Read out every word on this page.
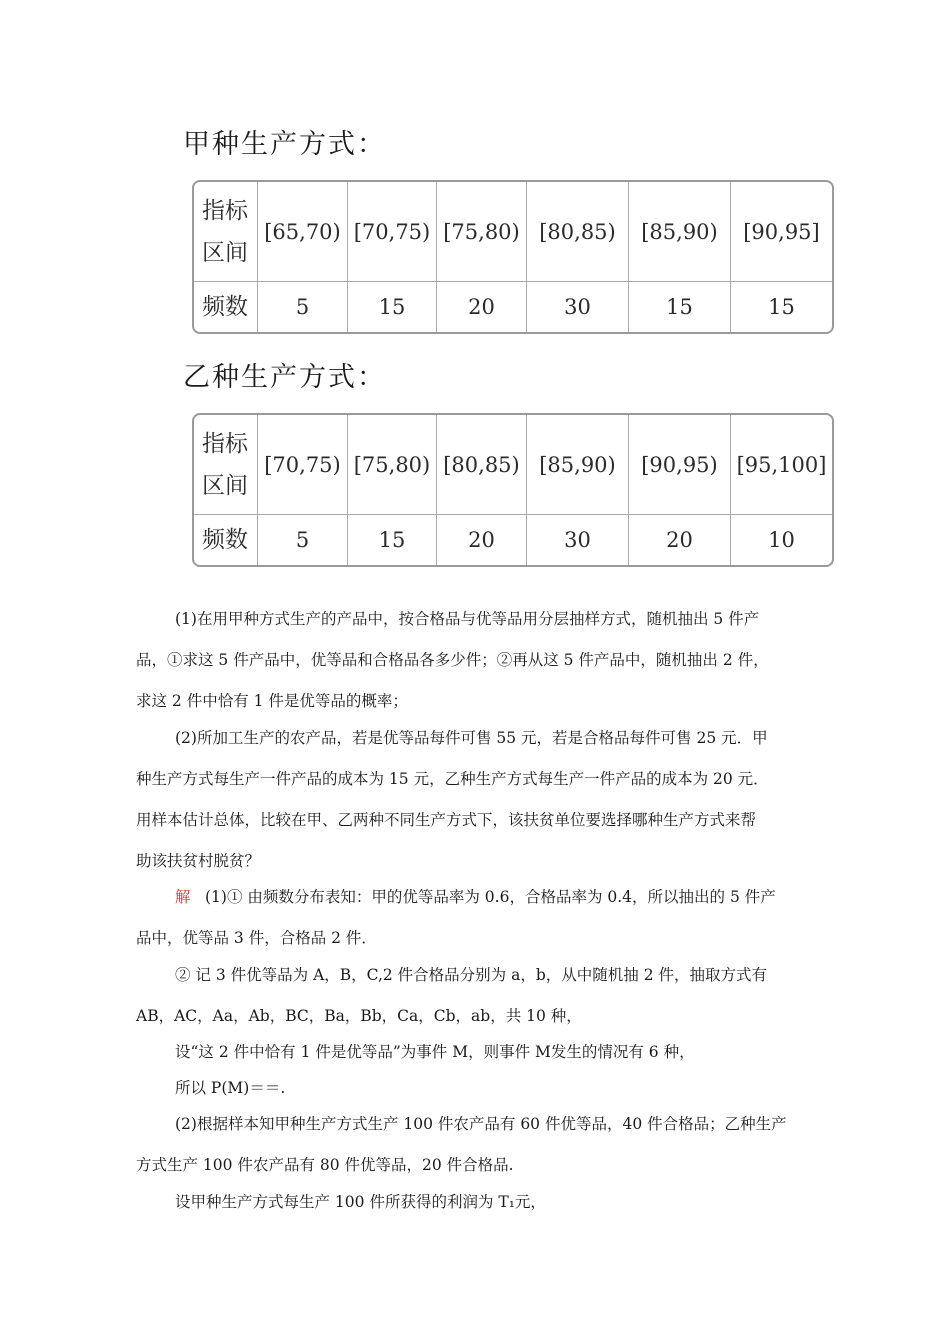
甲种生产方式：
指标
区间	[65,70)	[70,75)	[75,80)	[80,85)	[85,90)	[90,95]
频数	5	15	20	30	15	15
乙种生产方式：
指标
区间	[70,75)	[75,80)	[80,85)	[85,90)	[90,95)	[95,100]
频数	5	15	20	30	20	10
(1)在用甲种方式生产的产品中，按合格品与优等品用分层抽样方式，随机抽出 5 件产
品，①求这 5 件产品中，优等品和合格品各多少件；②再从这 5 件产品中，随机抽出 2 件，
求这 2 件中恰有 1 件是优等品的概率；
(2)所加工生产的农产品，若是优等品每件可售 55 元，若是合格品每件可售 25 元．甲
种生产方式每生产一件产品的成本为 15 元，乙种生产方式每生产一件产品的成本为 20 元．
用样本估计总体，比较在甲、乙两种不同生产方式下，该扶贫单位要选择哪种生产方式来帮
助该扶贫村脱贫？
解 (1)① 由频数分布表知：甲的优等品率为 0.6，合格品率为 0.4，所以抽出的 5 件产
品中，优等品 3 件，合格品 2 件．
② 记 3 件优等品为 A，B，C,2 件合格品分别为 a，b，从中随机抽 2 件，抽取方式有
AB，AC，Aa，Ab，BC，Ba，Bb，Ca，Cb，ab，共 10 种，
设“这 2 件中恰有 1 件是优等品”为事件 M，则事件 M发生的情况有 6 种，
所以 P(M)＝＝.
(2)根据样本知甲种生产方式生产 100 件农产品有 60 件优等品，40 件合格品；乙种生产
方式生产 100 件农产品有 80 件优等品，20 件合格品.
设甲种生产方式每生产 100 件所获得的利润为 T₁元，
